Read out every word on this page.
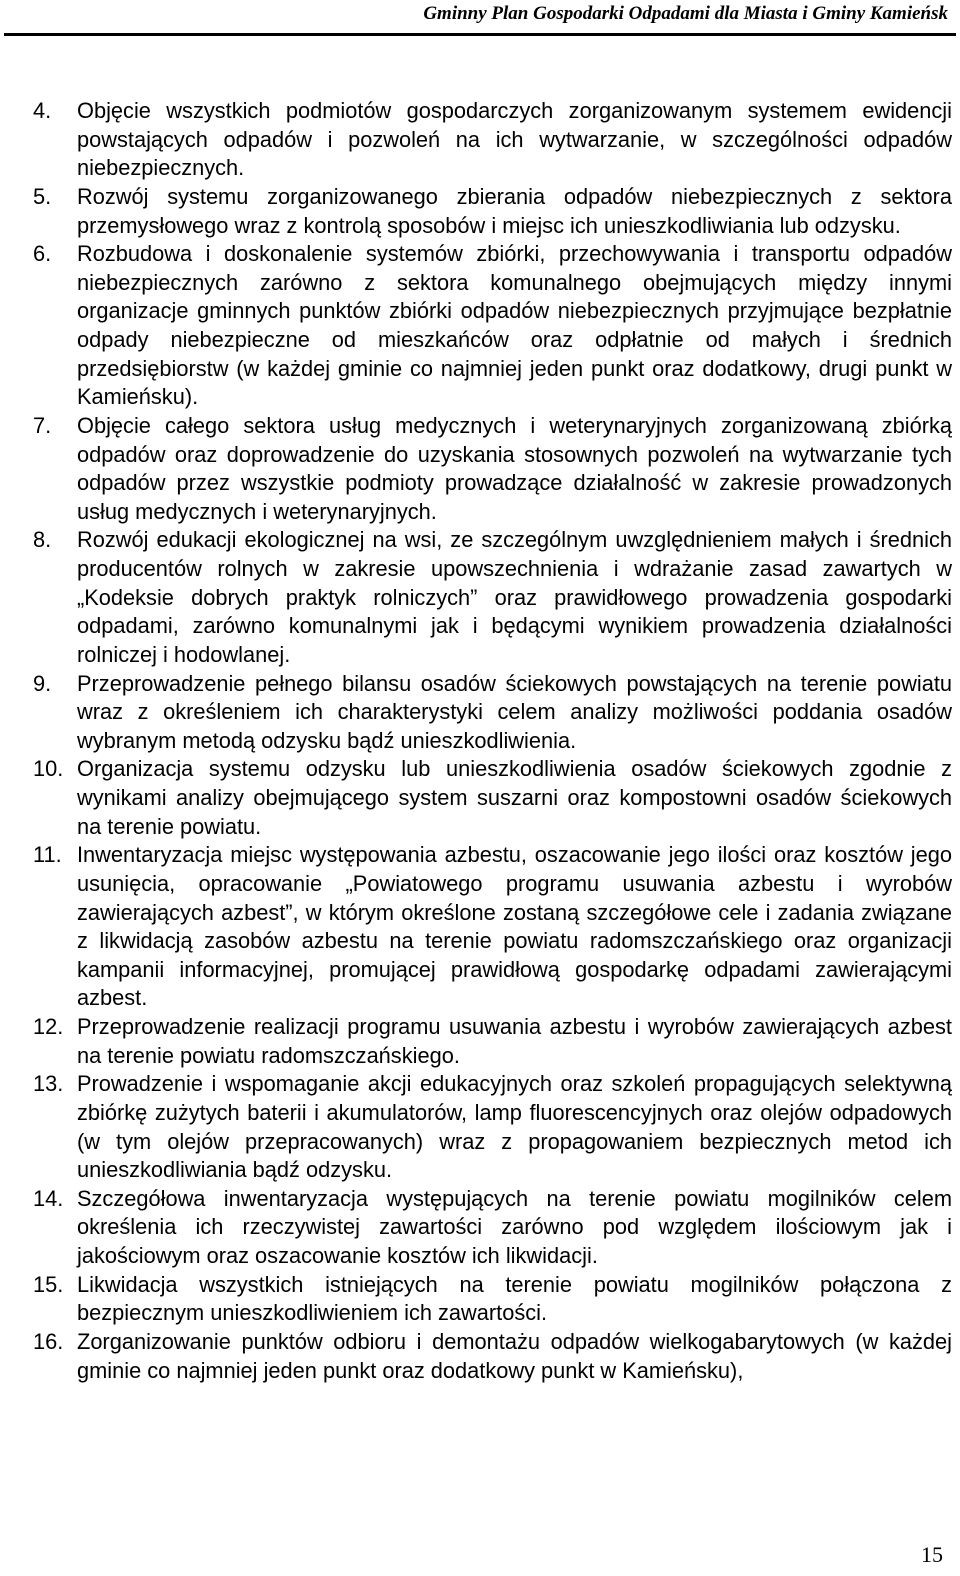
Gminny Plan Gospodarki Odpadami dla Miasta i Gminy Kamieńsk
4. Objęcie wszystkich podmiotów gospodarczych zorganizowanym systemem ewidencji powstających odpadów i pozwoleń na ich wytwarzanie, w szczególności odpadów niebezpiecznych.
5. Rozwój systemu zorganizowanego zbierania odpadów niebezpiecznych z sektora przemysłowego wraz z kontrolą sposobów i miejsc ich unieszkodliwiania lub odzysku.
6. Rozbudowa i doskonalenie systemów zbiórki, przechowywania i transportu odpadów niebezpiecznych zarówno z sektora komunalnego obejmujących między innymi organizacje gminnych punktów zbiórki odpadów niebezpiecznych przyjmujące bezpłatnie odpady niebezpieczne od mieszkańców oraz odpłatnie od małych i średnich przedsiębiorstw (w każdej gminie co najmniej jeden punkt oraz dodatkowy, drugi punkt w Kamieńsku).
7. Objęcie całego sektora usług medycznych i weterynaryjnych zorganizowaną zbiórką odpadów oraz doprowadzenie do uzyskania stosownych pozwoleń na wytwarzanie tych odpadów przez wszystkie podmioty prowadzące działalność w zakresie prowadzonych usług medycznych i weterynaryjnych.
8. Rozwój edukacji ekologicznej na wsi, ze szczególnym uwzględnieniem małych i średnich producentów rolnych w zakresie upowszechnienia i wdrażanie zasad zawartych w „Kodeksie dobrych praktyk rolniczych” oraz prawidłowego prowadzenia gospodarki odpadami, zarówno komunalnymi jak i będącymi wynikiem prowadzenia działalności rolniczej i hodowlanej.
9. Przeprowadzenie pełnego bilansu osadów ściekowych powstających na terenie powiatu wraz z określeniem ich charakterystyki celem analizy możliwości poddania osadów wybranym metodą odzysku bądź unieszkodliwienia.
10. Organizacja systemu odzysku lub unieszkodliwienia osadów ściekowych zgodnie z wynikami analizy obejmującego system suszarni oraz kompostowni osadów ściekowych na terenie powiatu.
11. Inwentaryzacja miejsc występowania azbestu, oszacowanie jego ilości oraz kosztów jego usunięcia, opracowanie „Powiatowego programu usuwania azbestu i wyrobów zawierających azbest”, w którym określone zostaną szczegółowe cele i zadania związane z likwidacją zasobów azbestu na terenie powiatu radomszczańskiego oraz organizacji kampanii informacyjnej, promującej prawidłową gospodarkę odpadami zawierającymi azbest.
12. Przeprowadzenie realizacji programu usuwania azbestu i wyrobów zawierających azbest na terenie powiatu radomszczańskiego.
13. Prowadzenie i wspomaganie akcji edukacyjnych oraz szkoleń propagujących selektywną zbiórkę zużytych baterii i akumulatorów, lamp fluorescencyjnych oraz olejów odpadowych (w tym olejów przepracowanych) wraz z propagowaniem bezpiecznych metod ich unieszkodliwiania bądź odzysku.
14. Szczegółowa inwentaryzacja występujących na terenie powiatu mogilników celem określenia ich rzeczywistej zawartości zarówno pod względem ilościowym jak i jakościowym oraz oszacowanie kosztów ich likwidacji.
15. Likwidacja wszystkich istniejących na terenie powiatu mogilników połączona z bezpiecznym unieszkodliwieniem ich zawartości.
16. Zorganizowanie punktów odbioru i demontażu odpadów wielkogabarytowych (w każdej gminie co najmniej jeden punkt oraz dodatkowy punkt w Kamieńsku),
15
